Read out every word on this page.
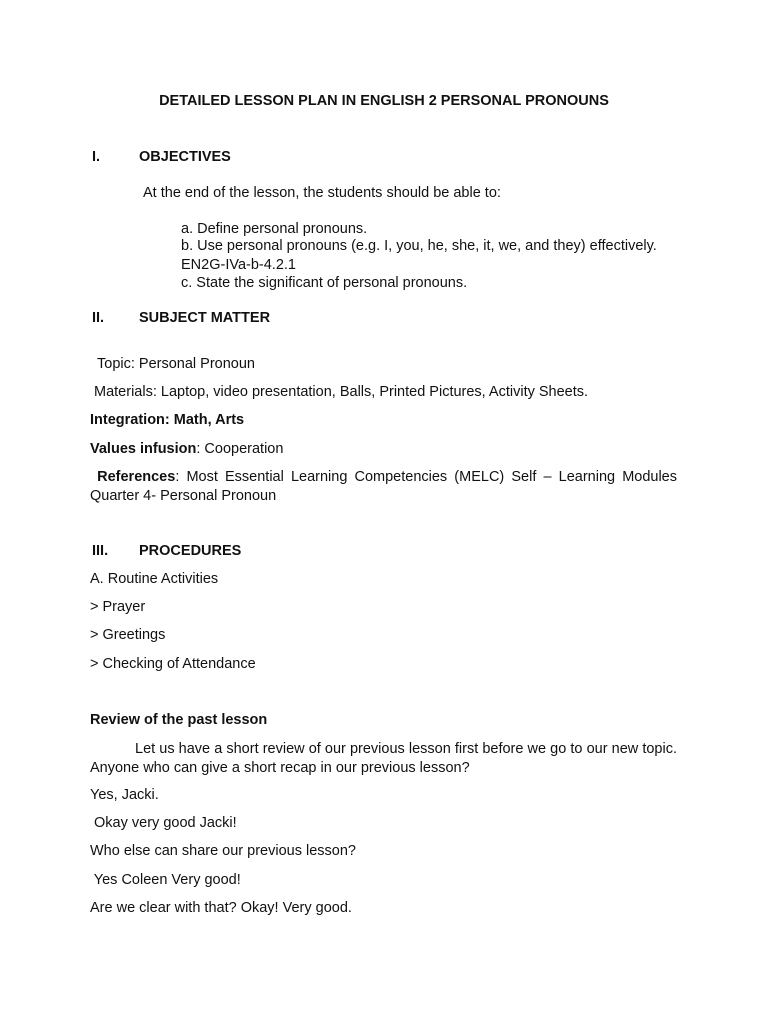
DETAILED LESSON PLAN IN ENGLISH 2 PERSONAL PRONOUNS
I.	OBJECTIVES
At the end of the lesson, the students should be able to:
a. Define personal pronouns.
b. Use personal pronouns (e.g. I, you, he, she, it, we, and they) effectively.
EN2G-IVa-b-4.2.1
c. State the significant of personal pronouns.
II. SUBJECT MATTER
Topic: Personal Pronoun
Materials: Laptop, video presentation, Balls, Printed Pictures, Activity Sheets.
Integration: Math, Arts
Values infusion: Cooperation
References: Most Essential Learning Competencies (MELC) Self – Learning Modules Quarter 4- Personal Pronoun
III. PROCEDURES
A. Routine Activities
> Prayer
> Greetings
> Checking of Attendance
Review of the past lesson
Let us have a short review of our previous lesson first before we go to our new topic. Anyone who can give a short recap in our previous lesson?
Yes, Jacki.
Okay very good Jacki!
Who else can share our previous lesson?
Yes Coleen Very good!
Are we clear with that? Okay! Very good.
